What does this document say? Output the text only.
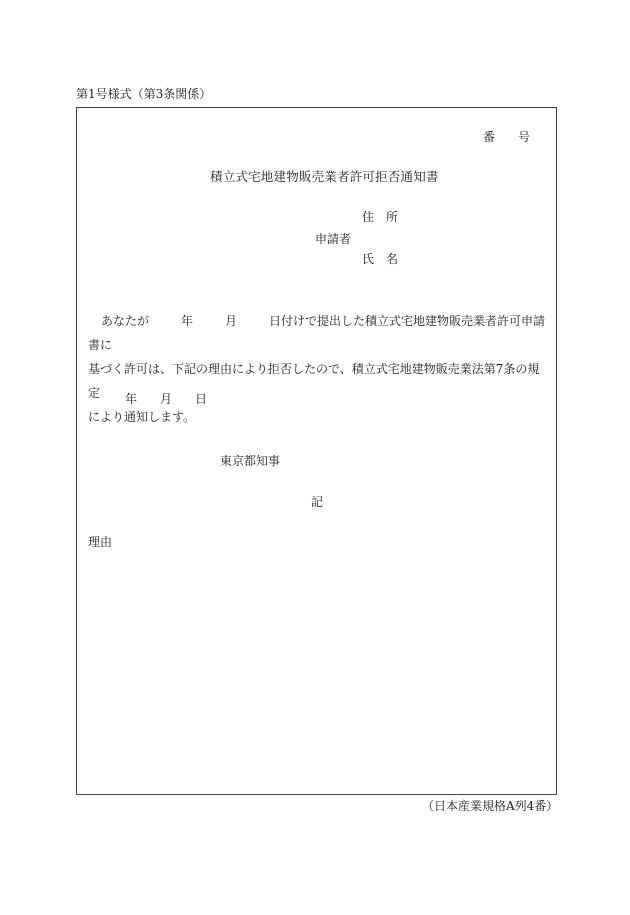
第1号様式（第3条関係）
番 号
積立式宅地建物販売業者許可拒否通知書
住 所
申請者
氏 名

あなたが	年	月	日付けで提出した積立式宅地建物販売業者許可申請書に

基づく許可は、下記の理由により拒否したので、積立式宅地建物販売業法第7条の規定

により通知します。

年 月 日
東京都知事
記
理由
（日本産業規格A列4番）
